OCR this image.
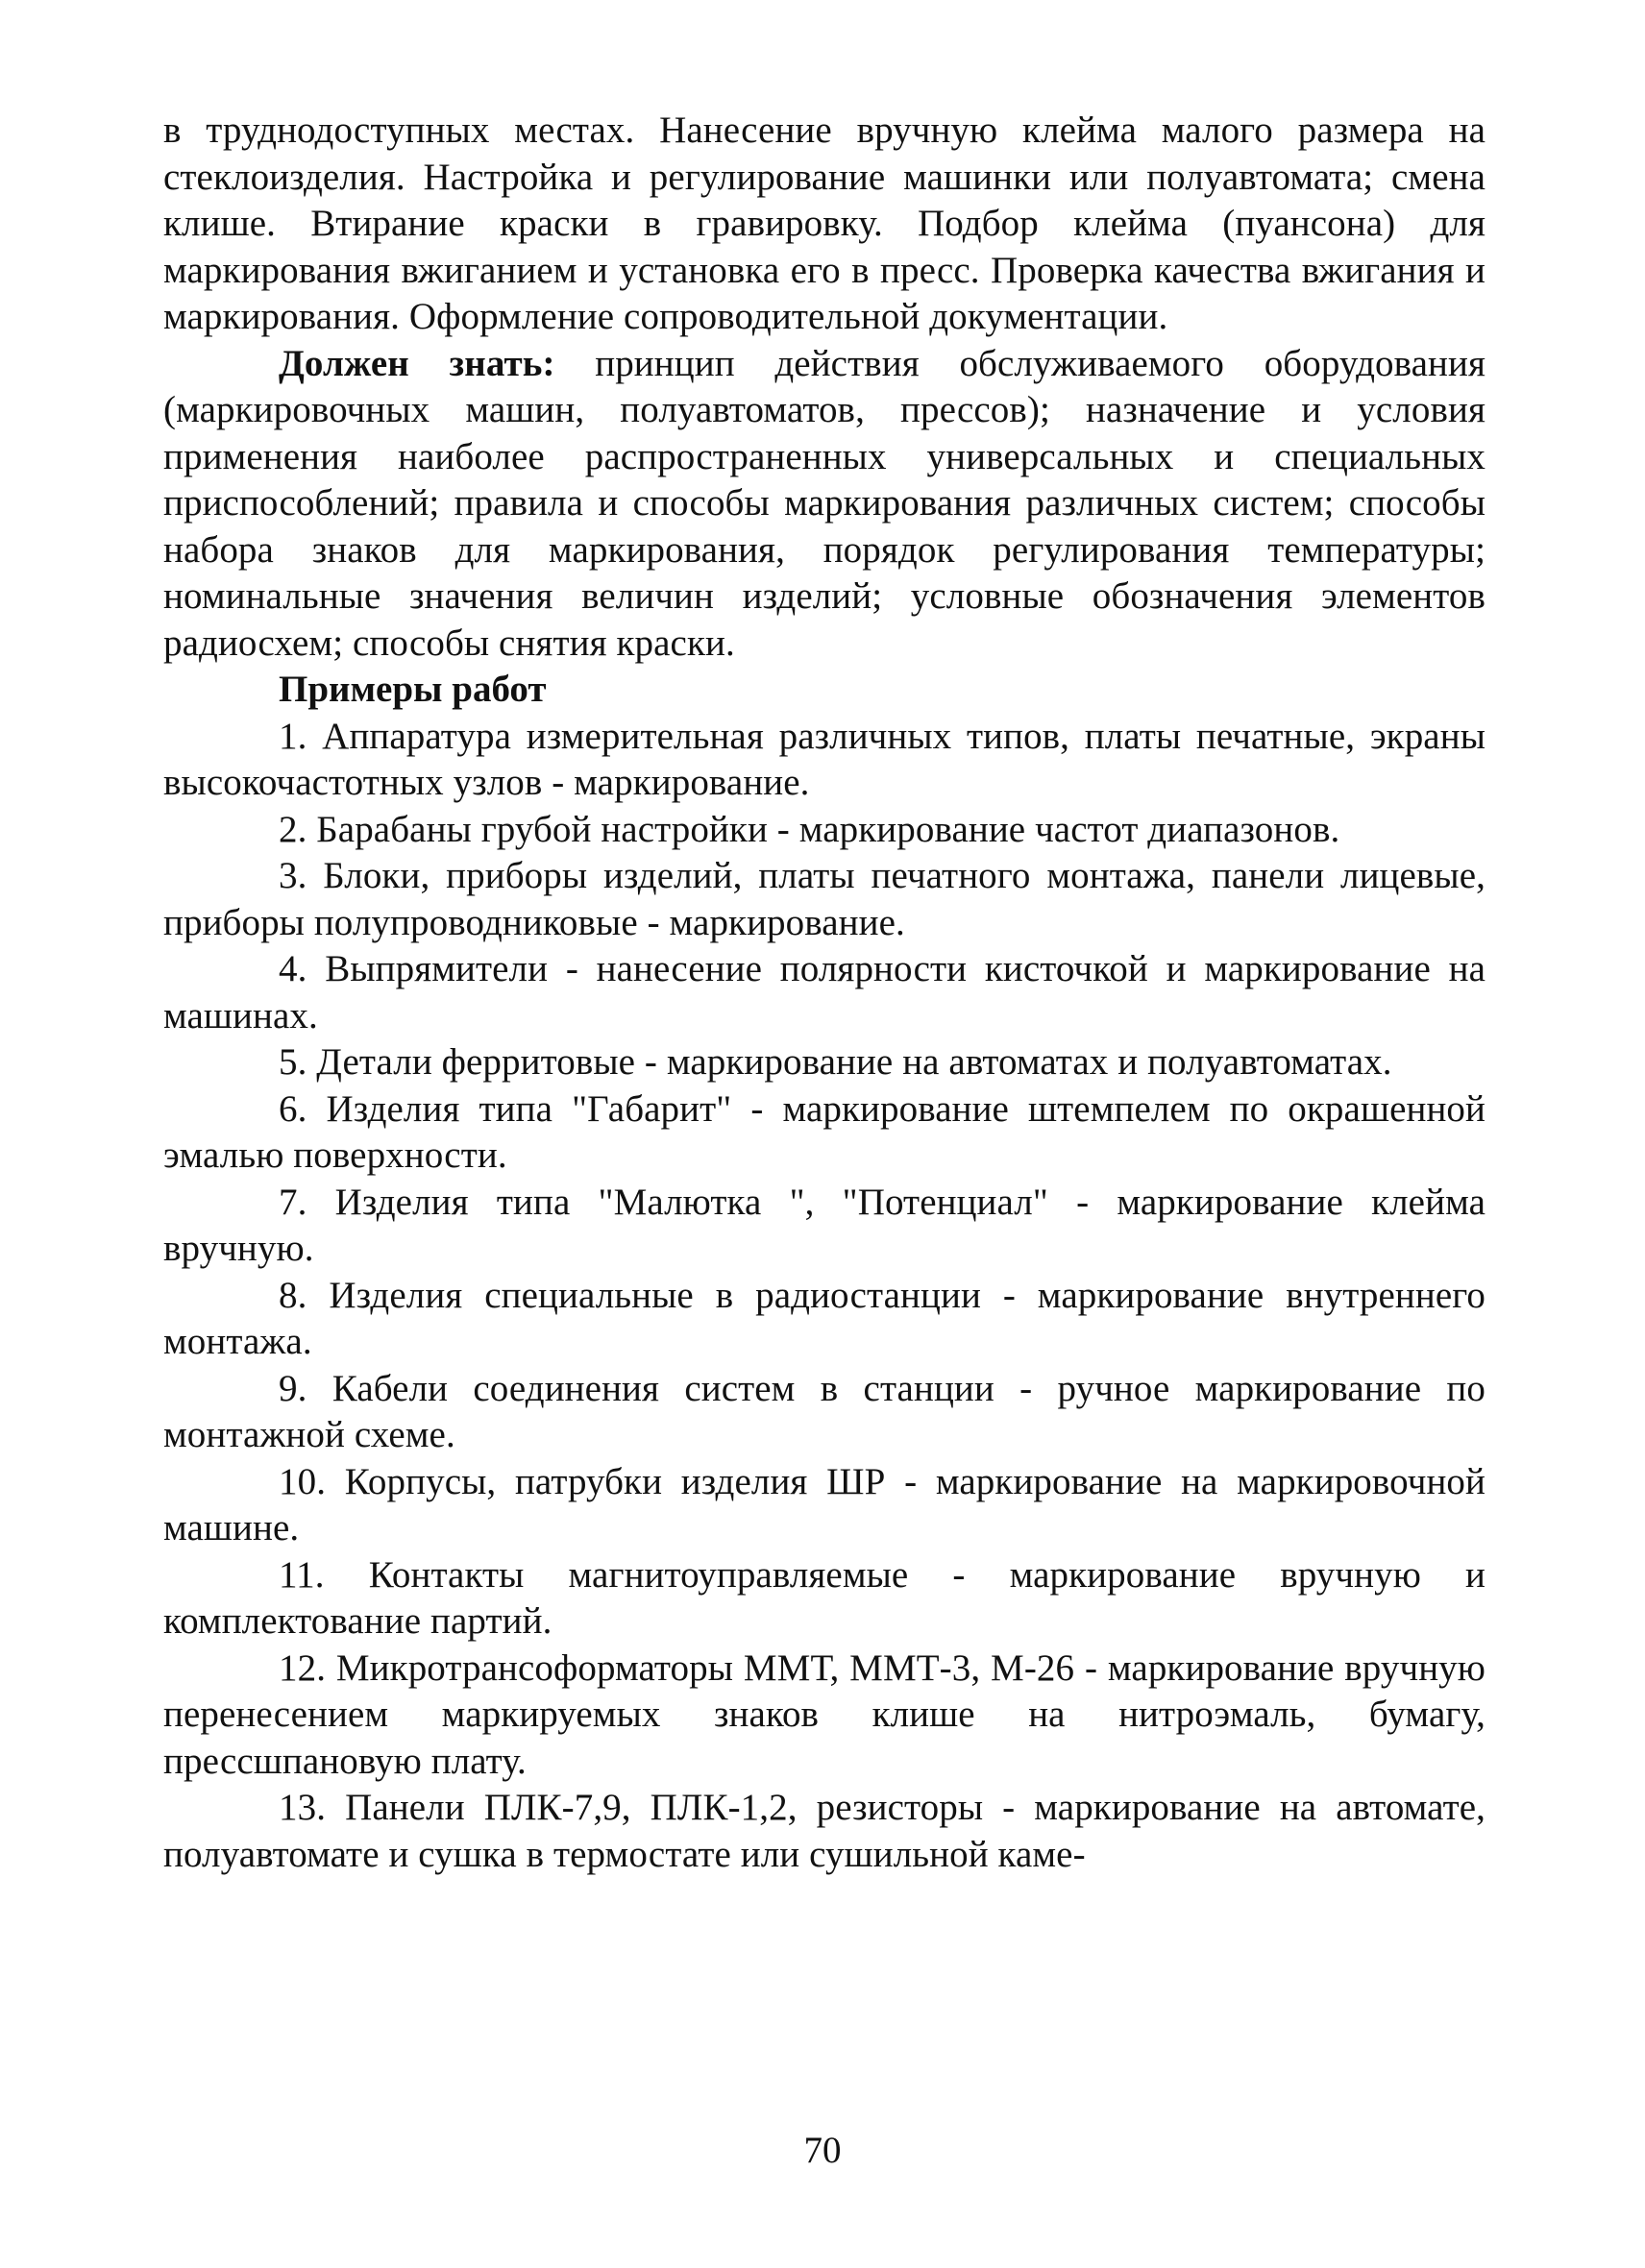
в труднодоступных местах. Нанесение вручную клейма малого размера на стеклоизделия. Настройка и регулирование машинки или полуавтомата; смена клише. Втирание краски в гравировку. Подбор клейма (пуансона) для маркирования вжиганием и установка его в пресс. Проверка качества вжигания и маркирования. Оформление сопроводительной документации.

Должен знать: принцип действия обслуживаемого оборудования (маркировочных машин, полуавтоматов, прессов); назначение и условия применения наиболее распространенных универсальных и специальных приспособлений; правила и способы маркирования различных систем; способы набора знаков для маркирования, порядок регулирования температуры; номинальные значения величин изделий; условные обозначения элементов радиосхем; способы снятия краски.

Примеры работ

1. Аппаратура измерительная различных типов, платы печатные, экраны высокочастотных узлов - маркирование.

2. Барабаны грубой настройки - маркирование частот диапазонов.

3. Блоки, приборы изделий, платы печатного монтажа, панели лицевые, приборы полупроводниковые - маркирование.

4. Выпрямители - нанесение полярности кисточкой и маркирование на машинах.

5. Детали ферритовые - маркирование на автоматах и полуавтоматах.

6. Изделия типа "Габарит" - маркирование штемпелем по окрашенной эмалью поверхности.

7. Изделия типа "Малютка ", "Потенциал" - маркирование клейма вручную.

8. Изделия специальные в радиостанции - маркирование внутреннего монтажа.

9. Кабели соединения систем в станции - ручное маркирование по монтажной схеме.

10. Корпусы, патрубки изделия ШР - маркирование на маркировочной машине.

11. Контакты магнитоуправляемые - маркирование вручную и комплектование партий.

12. Микротрансоформаторы ММТ, ММТ-3, М-26 - маркирование вручную перенесением маркируемых знаков клише на нитроэмаль, бумагу, прессшпановую плату.

13. Панели ПЛК-7,9, ПЛК-1,2, резисторы - маркирование на автомате, полуавтомате и сушка в термостате или сушильной каме-

70
